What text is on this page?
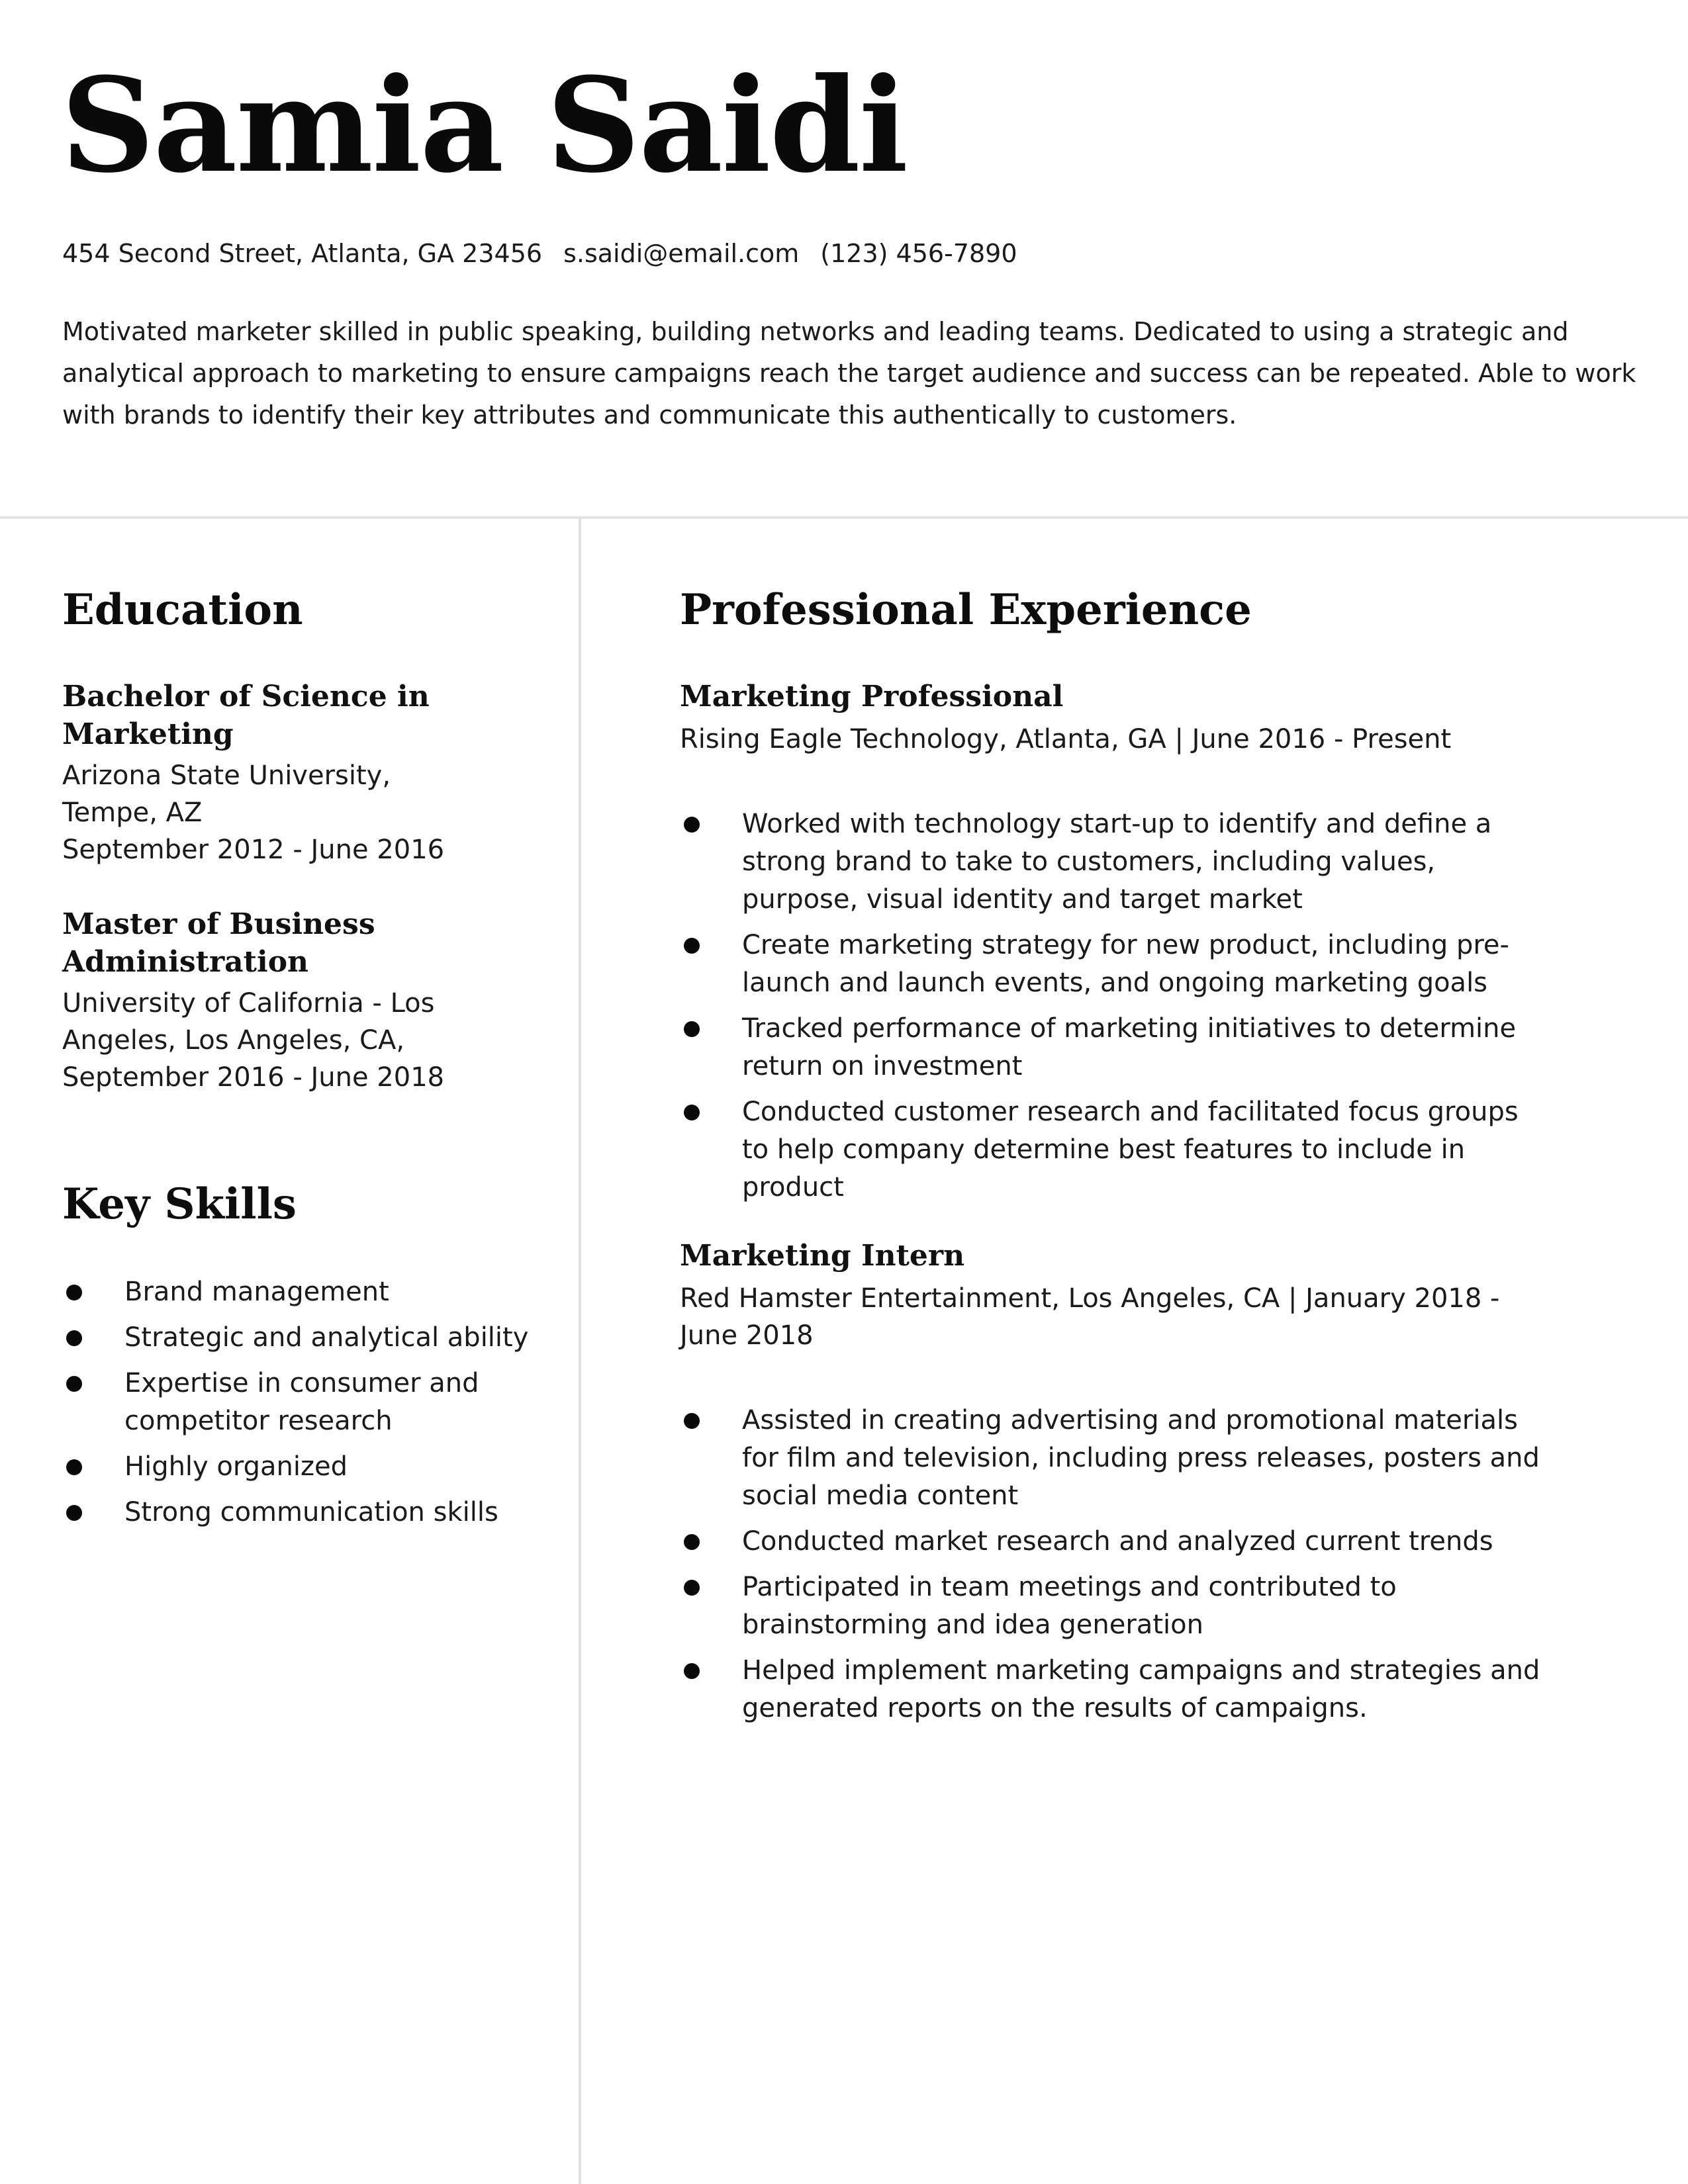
Samia Saidi
454 Second Street, Atlanta, GA 23456 s.saidi@email.com (123) 456-7890

Motivated marketer skilled in public speaking, building networks and leading teams. Dedicated to using a strategic and analytical approach to marketing to ensure campaigns reach the target audience and success can be repeated. Able to work with brands to identify their key attributes and communicate this authentically to customers.

Education
Bachelor of Science in Marketing
Arizona State University,
Tempe, AZ
September 2012 - June 2016
Master of Business Administration
University of California - Los Angeles, Los Angeles, CA,
September 2016 - June 2018
Key Skills
Brand management
Strategic and analytical ability
Expertise in consumer and competitor research
Highly organized
Strong communication skills
Professional Experience
Marketing Professional
Rising Eagle Technology, Atlanta, GA | June 2016 - Present
Worked with technology start-up to identify and define a strong brand to take to customers, including values, purpose, visual identity and target market
Create marketing strategy for new product, including pre-launch and launch events, and ongoing marketing goals
Tracked performance of marketing initiatives to determine return on investment
Conducted customer research and facilitated focus groups to help company determine best features to include in product
Marketing Intern
Red Hamster Entertainment, Los Angeles, CA | January 2018 - June 2018
Assisted in creating advertising and promotional materials for film and television, including press releases, posters and social media content
Conducted market research and analyzed current trends
Participated in team meetings and contributed to brainstorming and idea generation
Helped implement marketing campaigns and strategies and generated reports on the results of campaigns.
